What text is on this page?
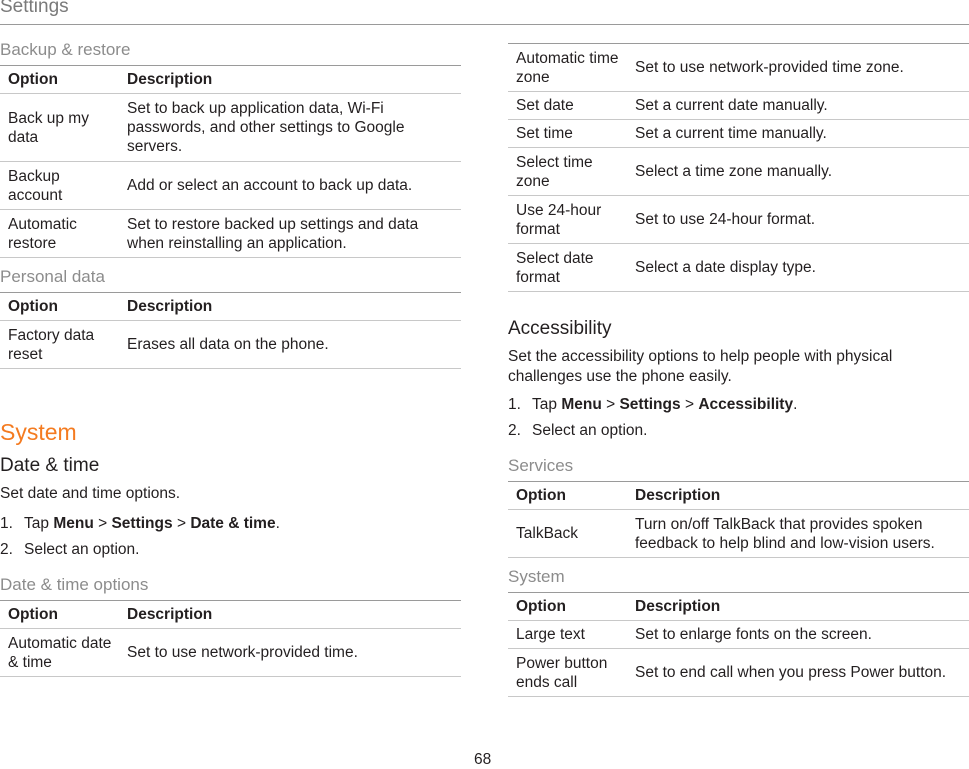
Settings
Backup & restore
Option	Description
Back up my data	Set to back up application data, Wi-Fi passwords, and other settings to Google servers.
Backup account	Add or select an account to back up data.
Automatic restore	Set to restore backed up settings and data when reinstalling an application.
Personal data
Option	Description
Factory data reset	Erases all data on the phone.
System
Date & time
Set date and time options.
1. Tap Menu > Settings > Date & time.
2. Select an option.
Date & time options
Option	Description
Automatic date & time	Set to use network-provided time.
Automatic time zone	Set to use network-provided time zone.
Set date	Set a current date manually.
Set time	Set a current time manually.
Select time zone	Select a time zone manually.
Use 24-hour format	Set to use 24-hour format.
Select date format	Select a date display type.
Accessibility
Set the accessibility options to help people with physical challenges use the phone easily.
1. Tap Menu > Settings > Accessibility.
2. Select an option.
Services
Option	Description
TalkBack	Turn on/off TalkBack that provides spoken feedback to help blind and low-vision users.
System
Option	Description
Large text	Set to enlarge fonts on the screen.
Power button ends call	Set to end call when you press Power button.
68
